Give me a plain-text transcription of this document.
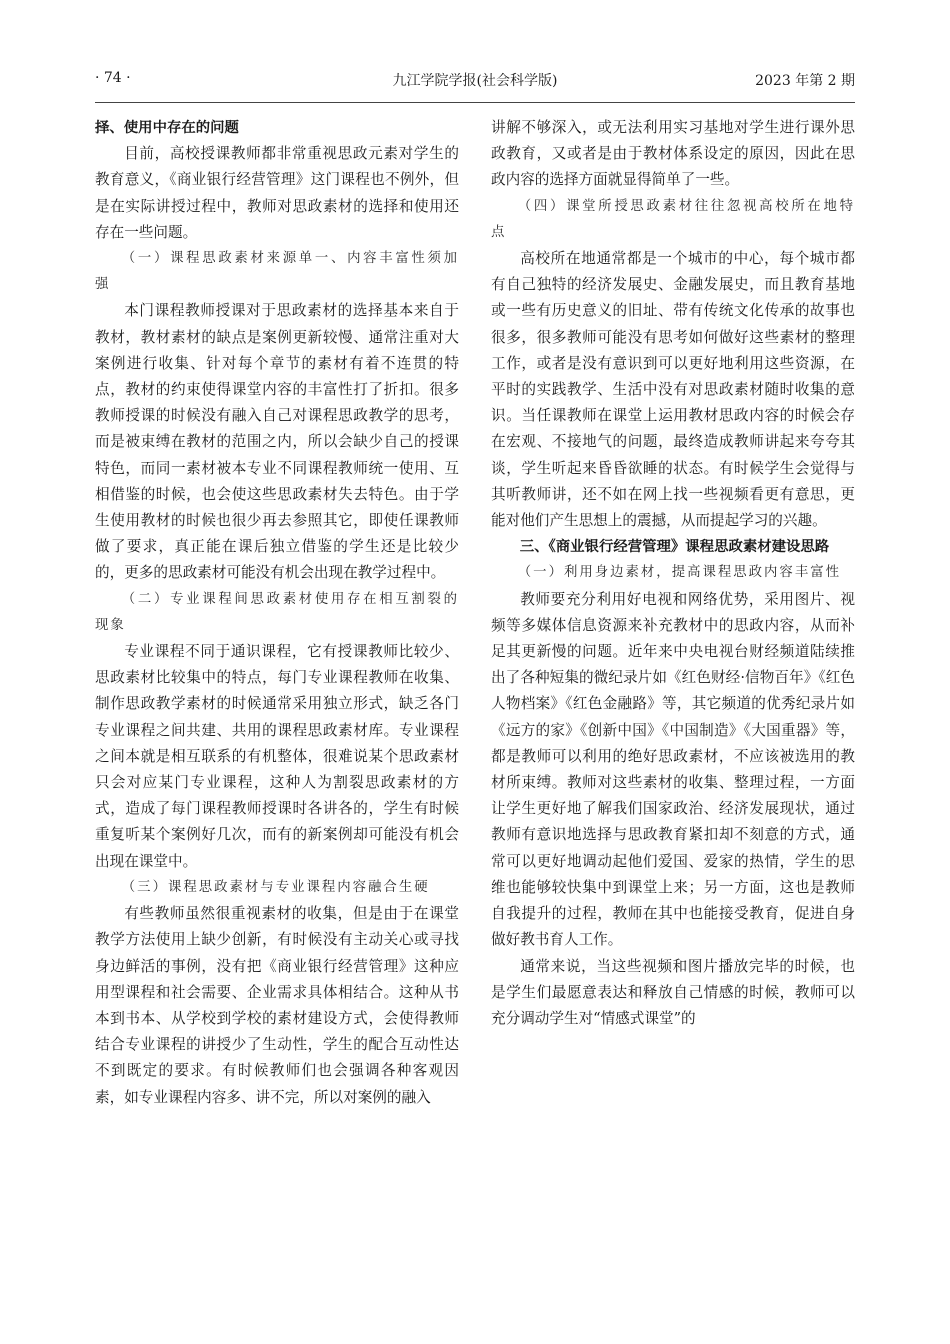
· 74 ·	九江学院学报(社会科学版)	2023 年第 2 期

择、使用中存在的问题

目前，高校授课教师都非常重视思政元素对学生的教育意义，《商业银行经营管理》这门课程也不例外，但是在实际讲授过程中，教师对思政素材的选择和使用还存在一些问题。

（一）课程思政素材来源单一、内容丰富性须加强

本门课程教师授课对于思政素材的选择基本来自于教材，教材素材的缺点是案例更新较慢、通常注重对大案例进行收集、针对每个章节的素材有着不连贯的特点，教材的约束使得课堂内容的丰富性打了折扣。很多教师授课的时候没有融入自己对课程思政教学的思考，而是被束缚在教材的范围之内，所以会缺少自己的授课特色，而同一素材被本专业不同课程教师统一使用、互相借鉴的时候，也会使这些思政素材失去特色。由于学生使用教材的时候也很少再去参照其它，即使任课教师做了要求，真正能在课后独立借鉴的学生还是比较少的，更多的思政素材可能没有机会出现在教学过程中。

（二）专业课程间思政素材使用存在相互割裂的现象

专业课程不同于通识课程，它有授课教师比较少、思政素材比较集中的特点，每门专业课程教师在收集、制作思政教学素材的时候通常采用独立形式，缺乏各门专业课程之间共建、共用的课程思政素材库。专业课程之间本就是相互联系的有机整体，很难说某个思政素材只会对应某门专业课程，这种人为割裂思政素材的方式，造成了每门课程教师授课时各讲各的，学生有时候重复听某个案例好几次，而有的新案例却可能没有机会出现在课堂中。

（三）课程思政素材与专业课程内容融合生硬

有些教师虽然很重视素材的收集，但是由于在课堂教学方法使用上缺少创新，有时候没有主动关心或寻找身边鲜活的事例，没有把《商业银行经营管理》这种应用型课程和社会需要、企业需求具体相结合。这种从书本到书本、从学校到学校的素材建设方式，会使得教师结合专业课程的讲授少了生动性，学生的配合互动性达不到既定的要求。有时候教师们也会强调各种客观因素，如专业课程内容多、讲不完，所以对案例的融入

讲解不够深入，或无法利用实习基地对学生进行课外思政教育，又或者是由于教材体系设定的原因，因此在思政内容的选择方面就显得简单了一些。

（四）课堂所授思政素材往往忽视高校所在地特点

高校所在地通常都是一个城市的中心，每个城市都有自己独特的经济发展史、金融发展史，而且教育基地或一些有历史意义的旧址、带有传统文化传承的故事也很多，很多教师可能没有思考如何做好这些素材的整理工作，或者是没有意识到可以更好地利用这些资源，在平时的实践教学、生活中没有对思政素材随时收集的意识。当任课教师在课堂上运用教材思政内容的时候会存在宏观、不接地气的问题，最终造成教师讲起来夸夸其谈，学生听起来昏昏欲睡的状态。有时候学生会觉得与其听教师讲，还不如在网上找一些视频看更有意思，更能对他们产生思想上的震撼，从而提起学习的兴趣。

三、《商业银行经营管理》课程思政素材建设思路

（一）利用身边素材，提高课程思政内容丰富性

教师要充分利用好电视和网络优势，采用图片、视频等多媒体信息资源来补充教材中的思政内容，从而补足其更新慢的问题。近年来中央电视台财经频道陆续推出了各种短集的微纪录片如《红色财经·信物百年》《红色人物档案》《红色金融路》等，其它频道的优秀纪录片如《远方的家》《创新中国》《中国制造》《大国重器》等，都是教师可以利用的绝好思政素材，不应该被选用的教材所束缚。教师对这些素材的收集、整理过程，一方面让学生更好地了解我们国家政治、经济发展现状，通过教师有意识地选择与思政教育紧扣却不刻意的方式，通常可以更好地调动起他们爱国、爱家的热情，学生的思维也能够较快集中到课堂上来；另一方面，这也是教师自我提升的过程，教师在其中也能接受教育，促进自身做好教书育人工作。

通常来说，当这些视频和图片播放完毕的时候，也是学生们最愿意表达和释放自己情感的时候，教师可以充分调动学生对“情感式课堂”的
